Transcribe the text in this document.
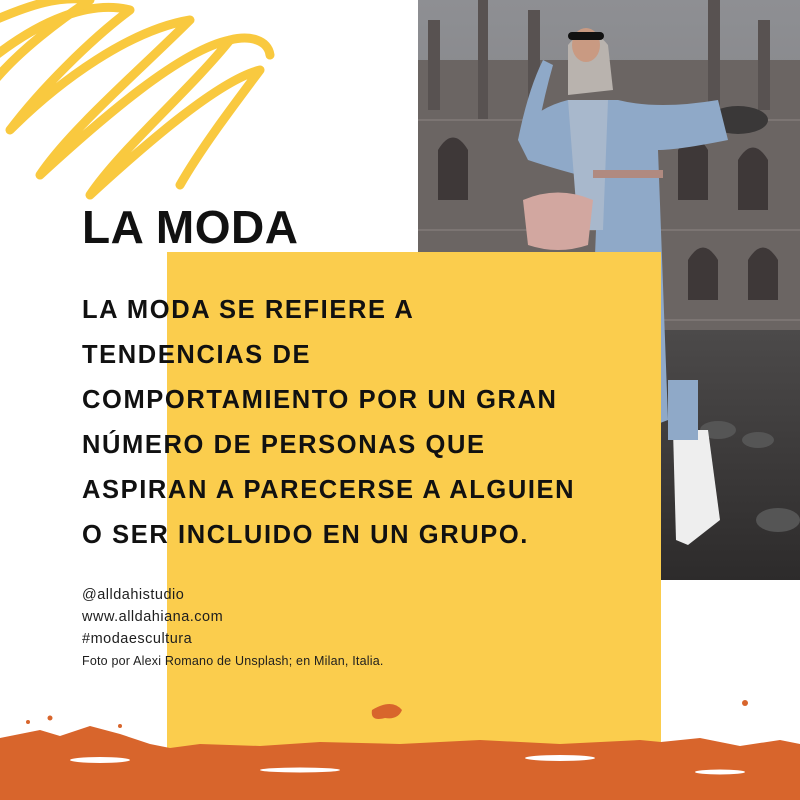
LA MODA

LA MODA SE REFIERE A
TENDENCIAS DE
COMPORTAMIENTO POR UN GRAN
NÚMERO DE PERSONAS QUE
ASPIRAN A PARECERSE A ALGUIEN
O SER INCLUIDO EN UN GRUPO.

@alldahistudio
www.alldahiana.com
#modaescultura
Foto por Alexi Romano de Unsplash; en Milan, Italia.
